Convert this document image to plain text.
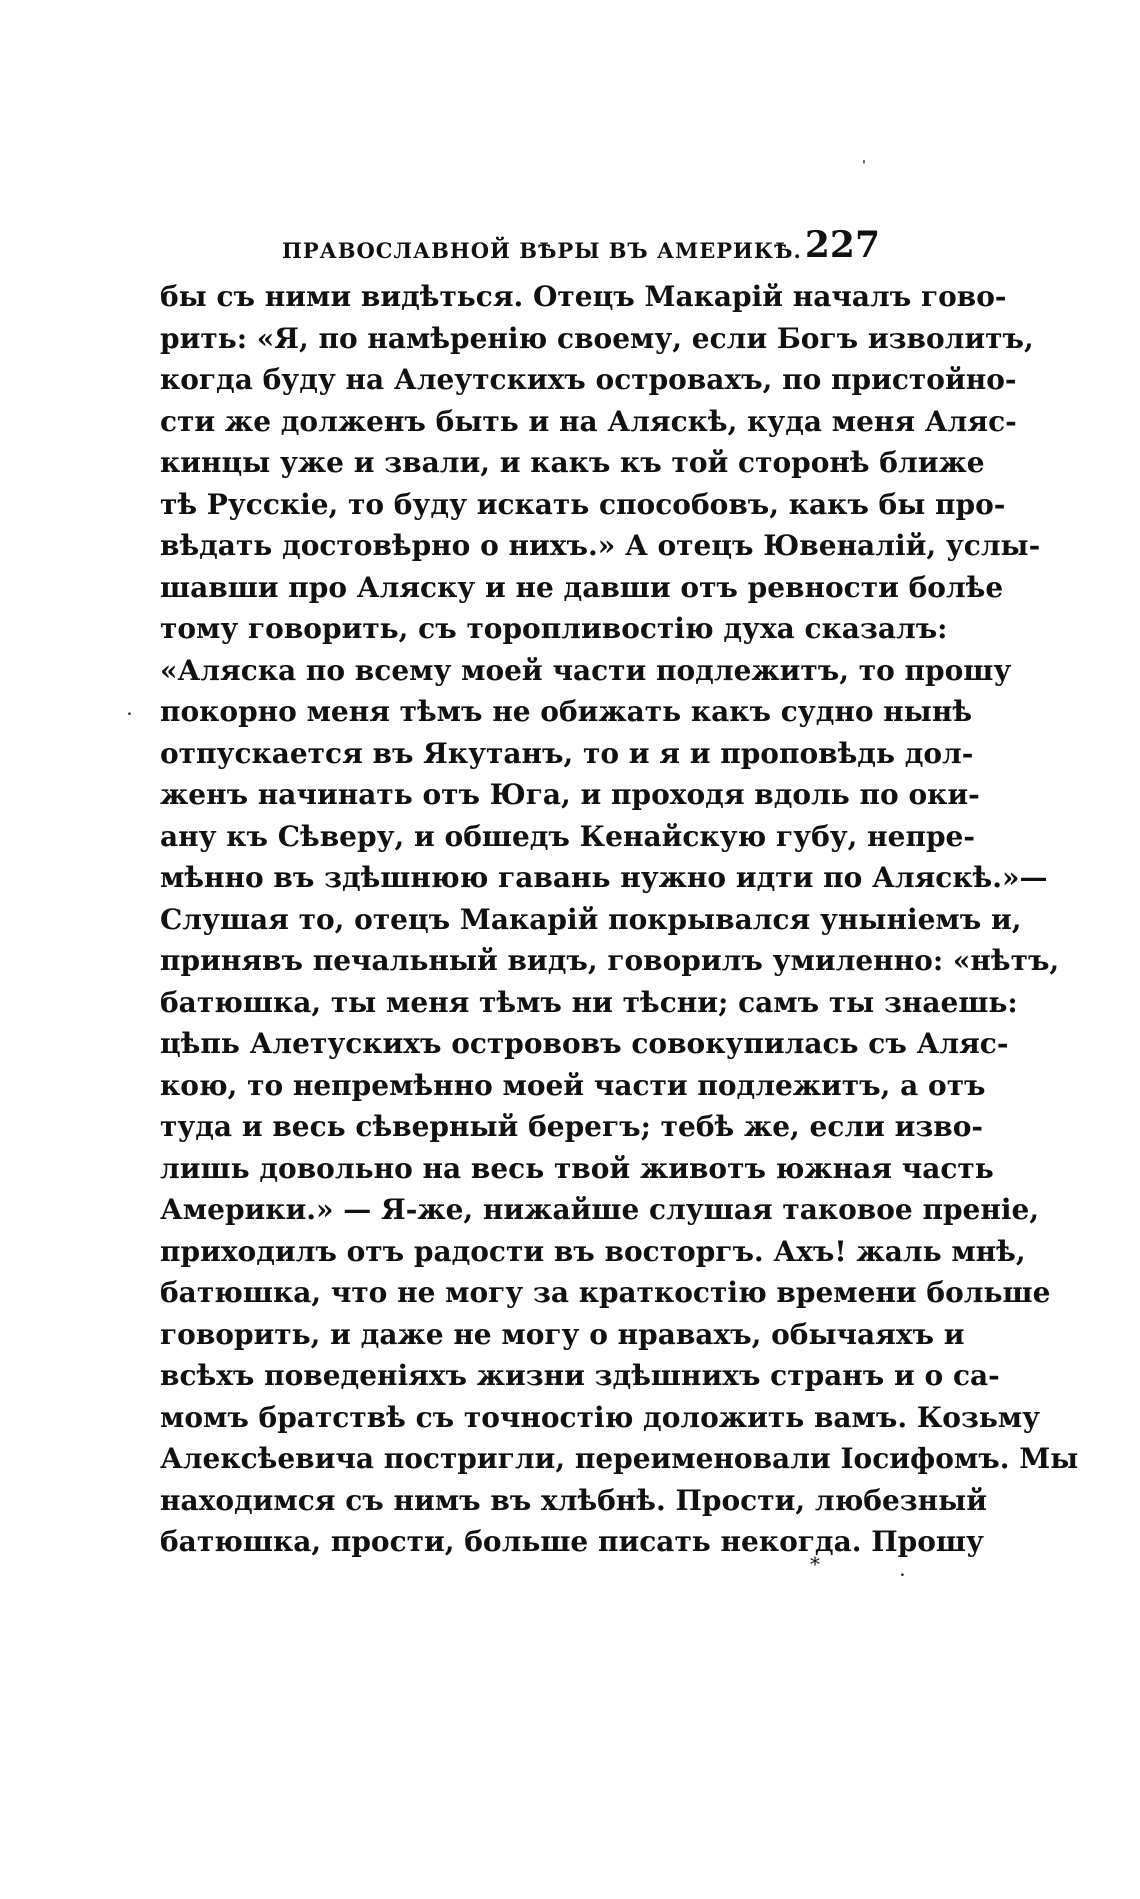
ˌ
.
ПРАВОСЛАВНОЙ ВѢРЫ ВЪ АМЕРИКѢ. 227
бы съ ними видѣться. Отецъ Макарій началъ гово-
рить: «Я, по намѣренію своему, если Богъ изволитъ,
когда буду на Алеутскихъ островахъ, по пристойно-
сти же долженъ быть и на Аляскѣ, куда меня Аляс-
кинцы уже и звали, и какъ къ той сторонѣ ближе
тѣ Русскіе, то буду искать способовъ, какъ бы про-
вѣдать достовѣрно о нихъ.» А отецъ Ювеналій, услы-
шавши про Аляску и не давши отъ ревности болѣе
тому говорить, съ торопливостію духа сказалъ:
«Аляска по всему моей части подлежитъ, то прошу
покорно меня тѣмъ не обижать какъ судно нынѣ
отпускается въ Якутанъ, то и я и проповѣдь дол-
женъ начинать отъ Юга, и проходя вдоль по оки-
ану къ Сѣверу, и обшедъ Кенайскую губу, непре-
мѣнно въ здѣшнюю гавань нужно идти по Аляскѣ.»—
Слушая то, отецъ Макарій покрывался уныніемъ и,
принявъ печальный видъ, говорилъ умиленно: «нѣтъ,
батюшка, ты меня тѣмъ ни тѣсни; самъ ты знаешь:
цѣпь Алетускихъ острововъ совокупилась съ Аляс-
кою, то непремѣнно моей части подлежитъ, а отъ
туда и весь сѣверный берегъ; тебѣ же, если изво-
лишь довольно на весь твой животъ южная часть
Америки.» — Я-же, нижайше слушая таковое преніе,
приходилъ отъ радости въ восторгъ. Ахъ! жаль мнѣ,
батюшка, что не могу за краткостію времени больше
говорить, и даже не могу о нравахъ, обычаяхъ и
всѣхъ поведеніяхъ жизни здѣшнихъ странъ и о са-
момъ братствѣ съ точностію доложить вамъ. Козьму
Алексѣевича постригли, переименовали Іосифомъ. Мы
находимся съ нимъ въ хлѣбнѣ. Прости, любезный
батюшка, прости, больше писать некогда. Прошу
*	.
